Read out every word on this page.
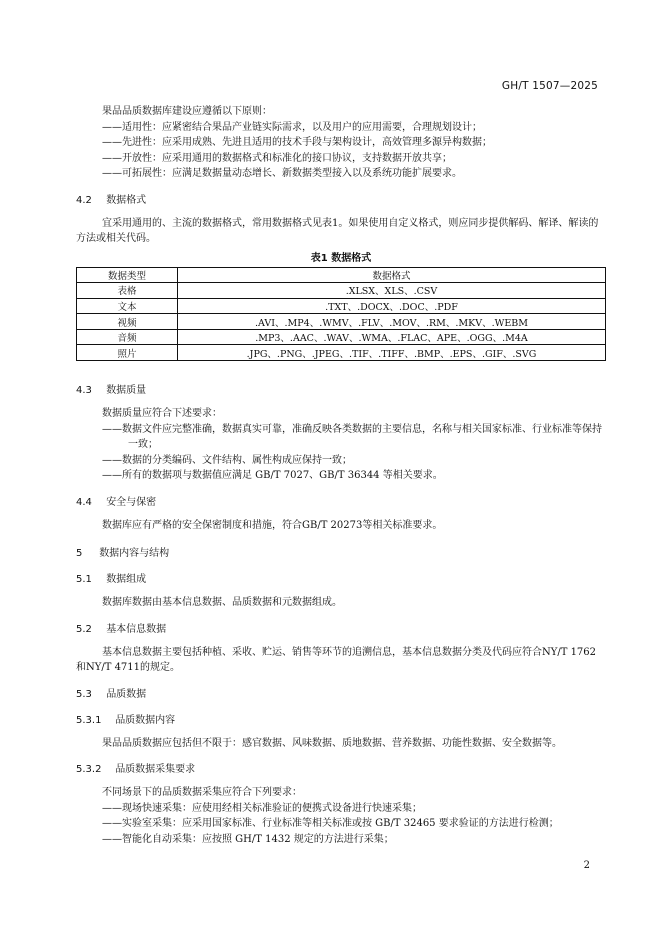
GH/T 1507—2025

果品品质数据库建设应遵循以下原则：

——适用性：应紧密结合果品产业链实际需求，以及用户的应用需要，合理规划设计；

——先进性：应采用成熟、先进且适用的技术手段与架构设计，高效管理多源异构数据；

——开放性：应采用通用的数据格式和标准化的接口协议，支持数据开放共享；

——可拓展性：应满足数据量动态增长、新数据类型接入以及系统功能扩展要求。

4.2 数据格式

宜采用通用的、主流的数据格式，常用数据格式见表1。如果使用自定义格式，则应同步提供解码、解译、解读的方法或相关代码。

表1 数据格式
数据类型	数据格式
表格	.XLSX、XLS、.CSV
文本	.TXT、.DOCX、.DOC、.PDF
视频	.AVI、.MP4、.WMV、.FLV、.MOV、.RM、.MKV、.WEBM
音频	.MP3、.AAC、.WAV、.WMA、.FLAC、APE、.OGG、.M4A
照片	.JPG、.PNG、.JPEG、.TIF、.TIFF、.BMP、.EPS、.GIF、.SVG
4.3 数据质量

数据质量应符合下述要求：

——数据文件应完整准确，数据真实可靠，准确反映各类数据的主要信息，名称与相关国家标准、行业标准等保持一致；

——数据的分类编码、文件结构、属性构成应保持一致；

——所有的数据项与数据值应满足 GB/T 7027、GB/T 36344 等相关要求。

4.4 安全与保密

数据库应有严格的安全保密制度和措施，符合GB/T 20273等相关标准要求。

5 数据内容与结构
5.1 数据组成

数据库数据由基本信息数据、品质数据和元数据组成。

5.2 基本信息数据

基本信息数据主要包括种植、采收、贮运、销售等环节的追溯信息，基本信息数据分类及代码应符合NY/T 1762和NY/T 4711的规定。

5.3 品质数据
5.3.1 品质数据内容

果品品质数据应包括但不限于：感官数据、风味数据、质地数据、营养数据、功能性数据、安全数据等。

5.3.2 品质数据采集要求

不同场景下的品质数据采集应符合下列要求：

——现场快速采集：应使用经相关标准验证的便携式设备进行快速采集；

——实验室采集：应采用国家标准、行业标准等相关标准或按 GB/T 32465 要求验证的方法进行检测；

——智能化自动采集：应按照 GH/T 1432 规定的方法进行采集；

2
